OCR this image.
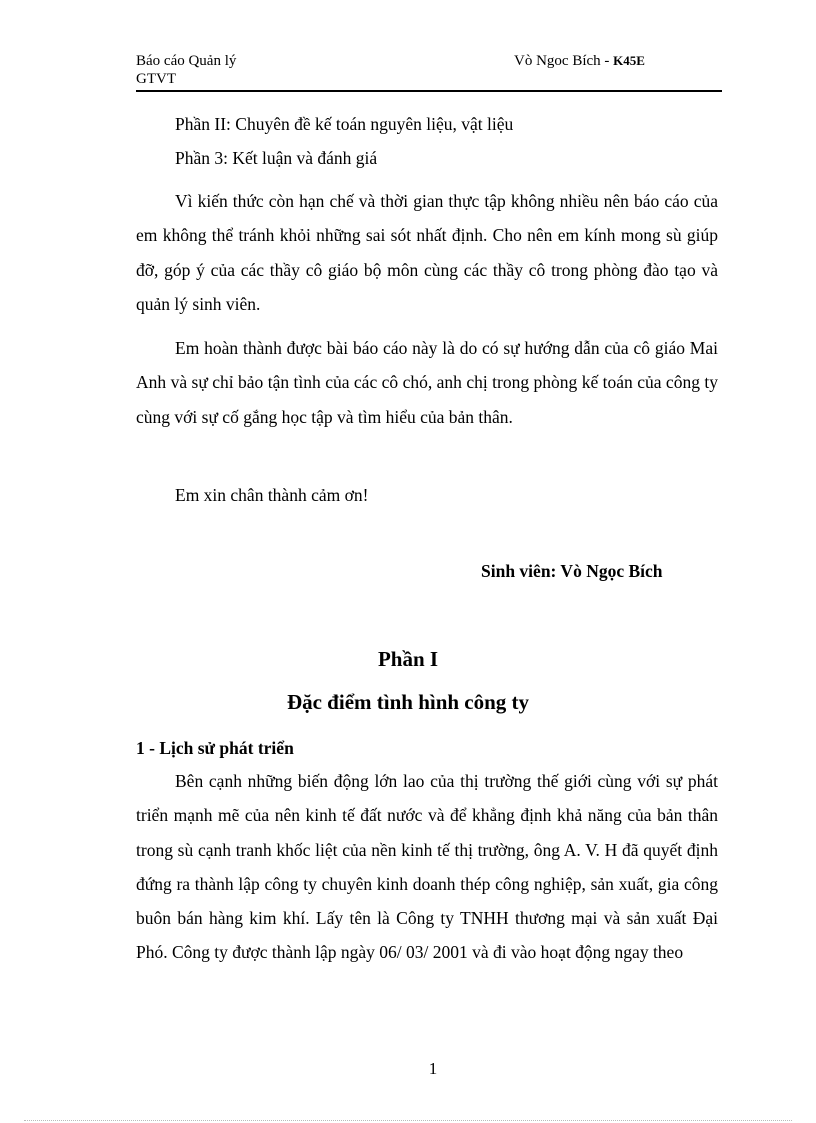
Báo cáo Quản lý
GTVT
Vò Ngoc Bích - K45E
Phần II: Chuyên đề kế toán nguyên liệu, vật liệu
Phần 3: Kết luận và đánh giá

Vì kiến thức còn hạn chế và thời gian thực tập không nhiều nên báo cáo của em không thể tránh khỏi những sai sót nhất định. Cho nên em kính mong sù giúp đỡ, góp ý của các thầy cô giáo bộ môn cùng các thầy cô trong phòng đào tạo và quản lý sinh viên.

Em hoàn thành được bài báo cáo này là do có sự hướng dẫn của cô giáo Mai Anh và sự chỉ bảo tận tình của các cô chó, anh chị trong phòng kế toán của công ty cùng với sự cố gắng học tập và tìm hiểu của bản thân.

Em xin chân thành cảm ơn!

Sinh viên: Vò Ngọc Bích
Phần I
Đặc điểm tình hình công ty
1 - Lịch sử phát triển

Bên cạnh những biến động lớn lao của thị trường thế giới cùng với sự phát triển mạnh mẽ của nên kinh tế đất nước và để khẳng định khả năng của bản thân trong sù cạnh tranh khốc liệt của nền kinh tế thị trường, ông A. V. H đã quyết định đứng ra thành lập công ty chuyên kinh doanh thép công nghiệp, sản xuất, gia công buôn bán hàng kim khí. Lấy tên là Công ty TNHH thương mại và sản xuất Đại Phó. Công ty được thành lập ngày 06/ 03/ 2001 và đi vào hoạt động ngay theo

1
